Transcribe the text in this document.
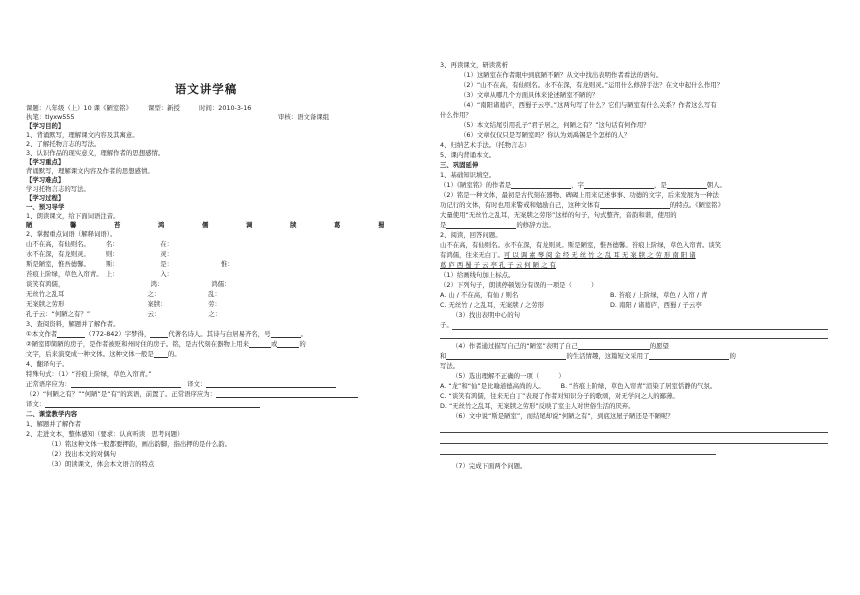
语文讲学稿
课题：八年级（上）10 课《陋室铭》　　　课型：新授　　　时间：2010-3-16
执笔：tlyxw555	审核：语文备课组
【学习目的】
1、背诵默写，理解课文内容及其寓意。
2、了解托物言志的写法。
3、认识作品的现实意义，理解作者的思想感情。
【学习重点】
背诵默写，理解课文内容及作者的思想感情。
【学习难点】
学习托物言志的写法。
【学习过程】
一、预习导学
1、朗读课文，给下面词语注音。
陋	馨	苔	鸿	儒	调	牍	葛	蜀
2、掌握重点词语（解释词语）。
山不在高，有仙则名。　　　名：　　　　　　　在：
水不在深，有龙则灵。　　　则：　　　　　　　灵：
斯是陋室，惟吾德馨。　　　斯：　　　　　　　是：　　　　　　　　惟：
苔痕上阶绿，草色入帘青。　上：　　　　　　　入：
谈笑有鸿儒，　　　　　　　　　　　　　　鸿：　　　　　　　　鸿儒：
无丝竹之乱耳　　　　　　　　　　　　　之：　　　　　　　　乱：
无案牍之劳形　　　　　　　　　　　　　案牍：　　　　　　　劳：
孔子云：“何陋之有？”　　　　　　　　　云：　　　　　　　　之：
3、查阅资料，解题并了解作者。
①本文作者	（772-842）字梦得，	代著名诗人。其诗与白居易齐名，号	。
②陋室即简陋的房子，是作者被贬和州时住的房子。铭，是古代刻在器物上用来	或	的
文字，后来演变成一种文体。这种文体一般是 的。
4、翻译句子。
特殊句式：（1）“苔痕上阶绿，草色入帘青。”
正常语序应为：	　译文：
（2）“何陋之有？”“何陋”是“有”的宾语，前置了。正常语序应为：
译文：
二、课堂教学内容
1、解题并了解作者
2、走进文本，整体感知（要求：认真听读　思考问题）
（1）铭这种文体一般都要押韵，画出韵脚，指出押的是什么韵。
（2）找出本文的对偶句
（3）朗读课文，体会本文语言的特点
3、再读课文，研读赏析
（1）这陋室在作者眼中到底陋不陋？从文中找出表明作者看法的语句。
（2）“山不在高，有仙则名。水不在深，有龙则灵。”运用什么修辞手法？在文中起什么作用？
（3）文章从哪几个方面具体来论述陋室不陋的？
（4）“南阳诸葛庐，西蜀子云亭。”这两句写了什么？它们与陋室有什么关系？作者这么写有
什么作用？
（5）本文结尾引用孔子“君子居之，何陋之有？”这句话有何作用？
（6）文章仅仅只是写陋室吗？你认为刘禹锡是个怎样的人？
4、归纳艺术手法。（托物言志）
5、课内背诵本文。
三、巩固延伸
1、基础知识填空。
（1）《陋室铭》的作者是	，字	，是	朝人。
（2）铭是一种文体，最初是古代刻在器物、碑碣上用来记述事事、功德的文字，后来发展为一种法
功记行的文体，有时也用来警戒和勉励自己，这种文体有	的特点。《陋室铭》
大量使用“无丝竹之乱耳，无案牍之劳形”这样的句子，句式整齐，音韵和谐，使用的
是	的修辞方法。
2、阅读，回答问题。
山不在高，有仙则名。水不在深，有龙则灵。斯是陋室，惟吾德馨。苔痕上阶绿，草色入帘青。谈笑
有鸿儒，往来无白丁。可 以 调 素 琴 阅 金 经 无 丝 竹 之 乱 耳 无 案 牍 之 劳 形 南 阳 诸
葛 庐 西 蜀 子 云 亭 孔 子 云 何 陋 之 有
（1）给画线句加上标点。
（2）下列句子，朗读停顿划分有误的一项是（　　　）
A. 山 / 不在高，有仙 / 则名	B. 苔痕 / 上阶绿，草色 / 入帘 / 青
C. 无丝竹 / 之乱耳，无案牍 / 之劳形	D. 南阳 / 诸葛庐，西蜀 / 子云亭
（3）找出表明中心的句
子。
（4）作者通过描写自己的“陋室”表明了自己	的愿望
和	的生活情趣，这篇短文采用了	的
写法。
（5）选出理解不正确的一项（　　　）
A. “龙”和“仙”是比喻道德高尚的人。　　　B. “苔痕上阶绿，草色入帘青”渲染了居室恬静的气氛。
C. “谈笑有鸿儒，往来无白丁”表现了作者对知识分子的歌颂，对无学问之人的鄙薄。
D. “无丝竹之乱耳，无案牍之劳形”反映了室主人对世俗生活的厌弃。
（6）文中说“斯是陋室”，而结尾却说“何陋之有”，到底这屋子陋还是不陋呢？
（7）完成下面两个问题。
